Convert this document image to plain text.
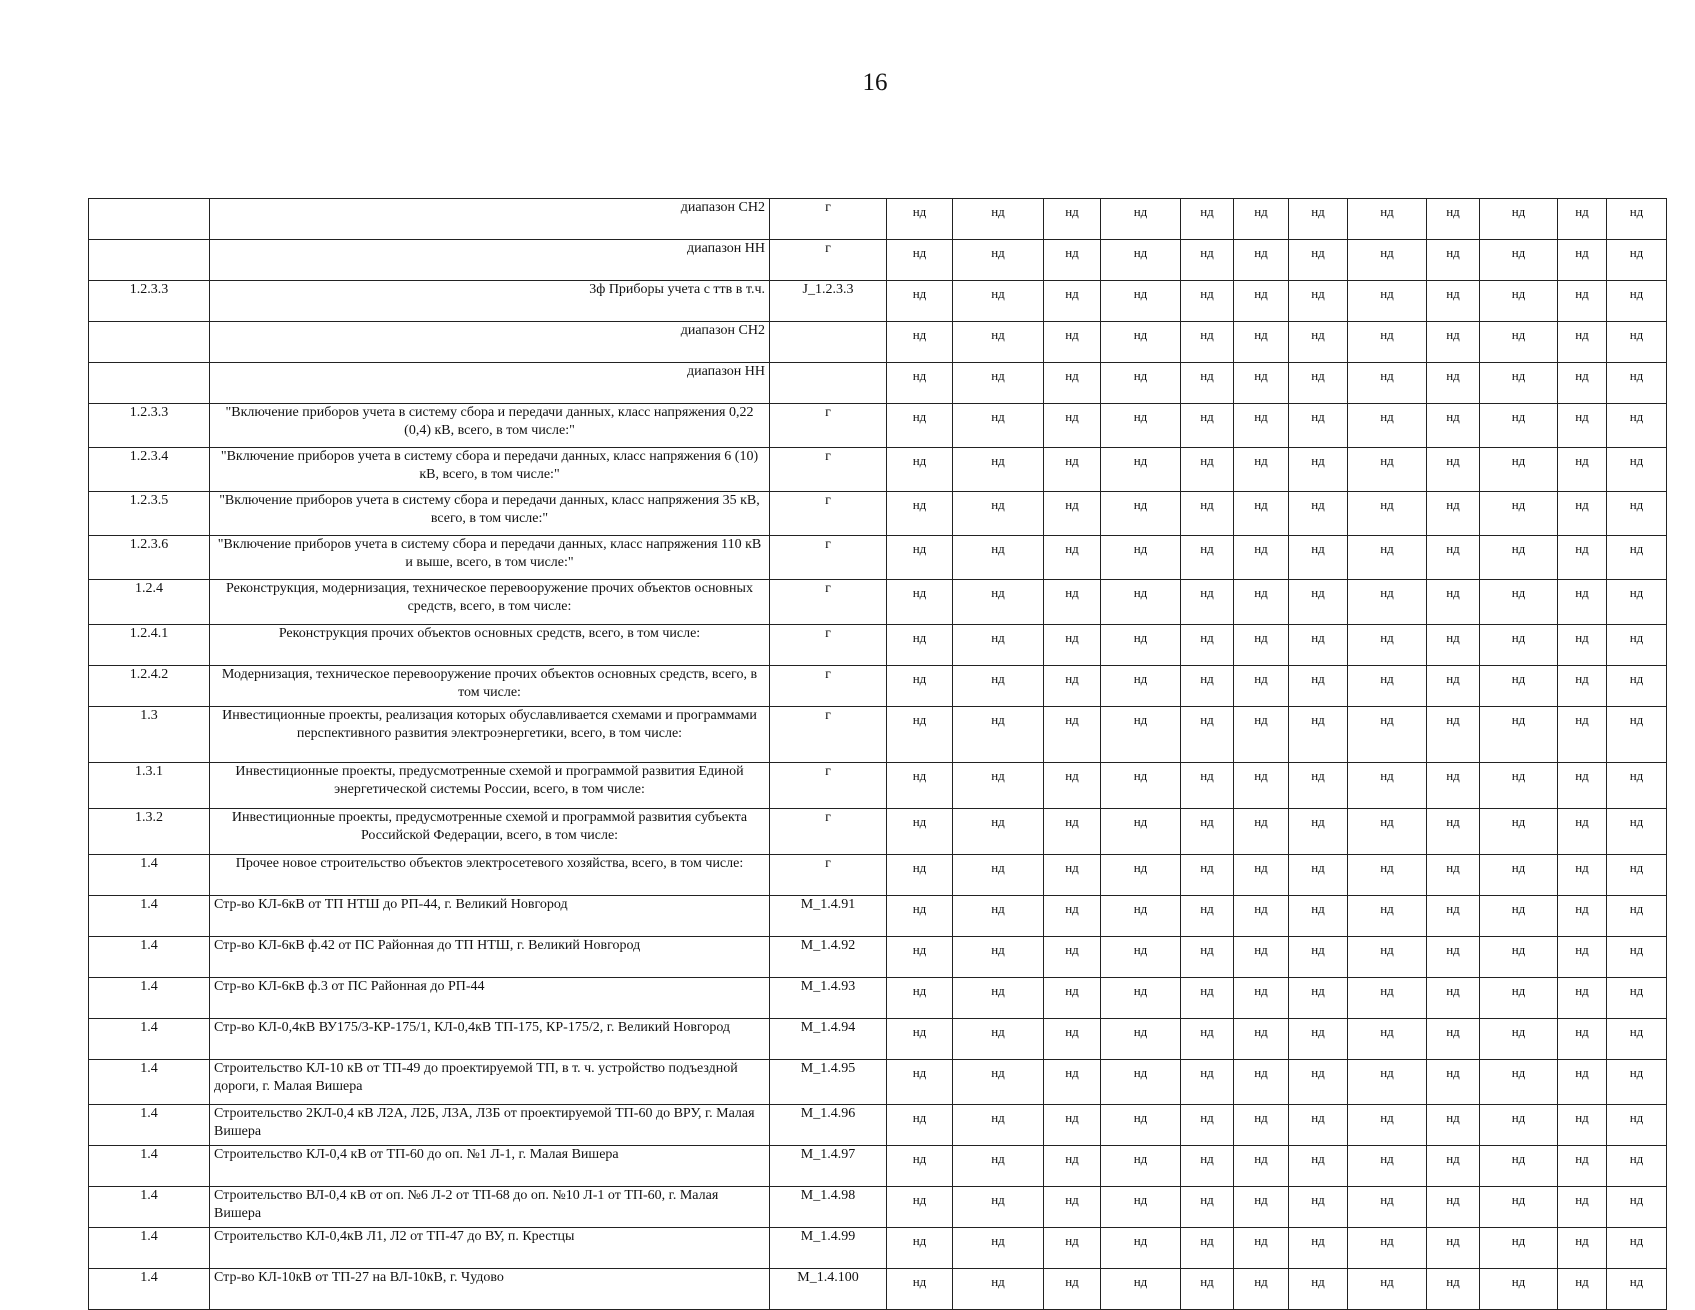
16
	диапазон СН2	г	нд	нд	нд	нд	нд	нд	нд	нд	нд	нд	нд	нд	
	диапазон НН	г	нд	нд	нд	нд	нд	нд	нд	нд	нд	нд	нд	нд	
1.2.3.3	3ф Приборы учета с ттв в т.ч.	J_1.2.3.3	нд	нд	нд	нд	нд	нд	нд	нд	нд	нд	нд	нд	
	диапазон СН2		нд	нд	нд	нд	нд	нд	нд	нд	нд	нд	нд	нд	
	диапазон НН		нд	нд	нд	нд	нд	нд	нд	нд	нд	нд	нд	нд	
1.2.3.3	"Включение приборов учета в систему сбора и передачи данных, класс напряжения 0,22 (0,4) кВ, всего, в том числе:"	г	нд	нд	нд	нд	нд	нд	нд	нд	нд	нд	нд	нд	
1.2.3.4	"Включение приборов учета в систему сбора и передачи данных, класс напряжения 6 (10) кВ, всего, в том числе:"	г	нд	нд	нд	нд	нд	нд	нд	нд	нд	нд	нд	нд	
1.2.3.5	"Включение приборов учета в систему сбора и передачи данных, класс напряжения 35 кВ, всего, в том числе:"	г	нд	нд	нд	нд	нд	нд	нд	нд	нд	нд	нд	нд	
1.2.3.6	"Включение приборов учета в систему сбора и передачи данных, класс напряжения 110 кВ и выше, всего, в том числе:"	г	нд	нд	нд	нд	нд	нд	нд	нд	нд	нд	нд	нд	
1.2.4	Реконструкция, модернизация, техническое перевооружение прочих объектов основных средств, всего, в том числе:	г	нд	нд	нд	нд	нд	нд	нд	нд	нд	нд	нд	нд	
1.2.4.1	Реконструкция прочих объектов основных средств, всего, в том числе:	г	нд	нд	нд	нд	нд	нд	нд	нд	нд	нд	нд	нд	
1.2.4.2	Модернизация, техническое перевооружение прочих объектов основных средств, всего, в том числе:	г	нд	нд	нд	нд	нд	нд	нд	нд	нд	нд	нд	нд	
1.3	Инвестиционные проекты, реализация которых обуславливается схемами и программами перспективного развития электроэнергетики, всего, в том числе:	г	нд	нд	нд	нд	нд	нд	нд	нд	нд	нд	нд	нд	
1.3.1	Инвестиционные проекты, предусмотренные схемой и программой развития Единой энергетической системы России, всего, в том числе:	г	нд	нд	нд	нд	нд	нд	нд	нд	нд	нд	нд	нд	
1.3.2	Инвестиционные проекты, предусмотренные схемой и программой развития субъекта Российской Федерации, всего, в том числе:	г	нд	нд	нд	нд	нд	нд	нд	нд	нд	нд	нд	нд	
1.4	Прочее новое строительство объектов электросетевого хозяйства, всего, в том числе:	г	нд	нд	нд	нд	нд	нд	нд	нд	нд	нд	нд	нд	
1.4	Стр-во КЛ-6кВ от ТП НТШ до РП-44, г. Великий Новгород	М_1.4.91	нд	нд	нд	нд	нд	нд	нд	нд	нд	нд	нд	нд	
1.4	Стр-во КЛ-6кВ ф.42 от ПС Районная до ТП НТШ, г. Великий Новгород	М_1.4.92	нд	нд	нд	нд	нд	нд	нд	нд	нд	нд	нд	нд	
1.4	Стр-во КЛ-6кВ ф.3 от ПС Районная до РП-44	М_1.4.93	нд	нд	нд	нд	нд	нд	нд	нд	нд	нд	нд	нд	
1.4	Стр-во КЛ-0,4кВ ВУ175/3-КР-175/1, КЛ-0,4кВ ТП-175, КР-175/2, г. Великий Новгород	М_1.4.94	нд	нд	нд	нд	нд	нд	нд	нд	нд	нд	нд	нд	
1.4	Строительство КЛ-10 кВ от ТП-49 до проектируемой ТП, в т. ч. устройство подъездной дороги, г. Малая Вишера	М_1.4.95	нд	нд	нд	нд	нд	нд	нд	нд	нд	нд	нд	нд	
1.4	Строительство 2КЛ-0,4 кВ Л2А, Л2Б, Л3А, Л3Б от проектируемой ТП-60 до ВРУ, г. Малая Вишера	М_1.4.96	нд	нд	нд	нд	нд	нд	нд	нд	нд	нд	нд	нд	
1.4	Строительство КЛ-0,4 кВ от ТП-60 до оп. №1 Л-1, г. Малая Вишера	М_1.4.97	нд	нд	нд	нд	нд	нд	нд	нд	нд	нд	нд	нд	
1.4	Строительство ВЛ-0,4 кВ от оп. №6 Л-2 от ТП-68 до оп. №10 Л-1 от ТП-60, г. Малая Вишера	М_1.4.98	нд	нд	нд	нд	нд	нд	нд	нд	нд	нд	нд	нд	
1.4	Строительство КЛ-0,4кВ Л1, Л2 от ТП-47 до ВУ, п. Крестцы	М_1.4.99	нд	нд	нд	нд	нд	нд	нд	нд	нд	нд	нд	нд	
1.4	Стр-во КЛ-10кВ от ТП-27 на ВЛ-10кВ, г. Чудово	М_1.4.100	нд	нд	нд	нд	нд	нд	нд	нд	нд	нд	нд	нд	
